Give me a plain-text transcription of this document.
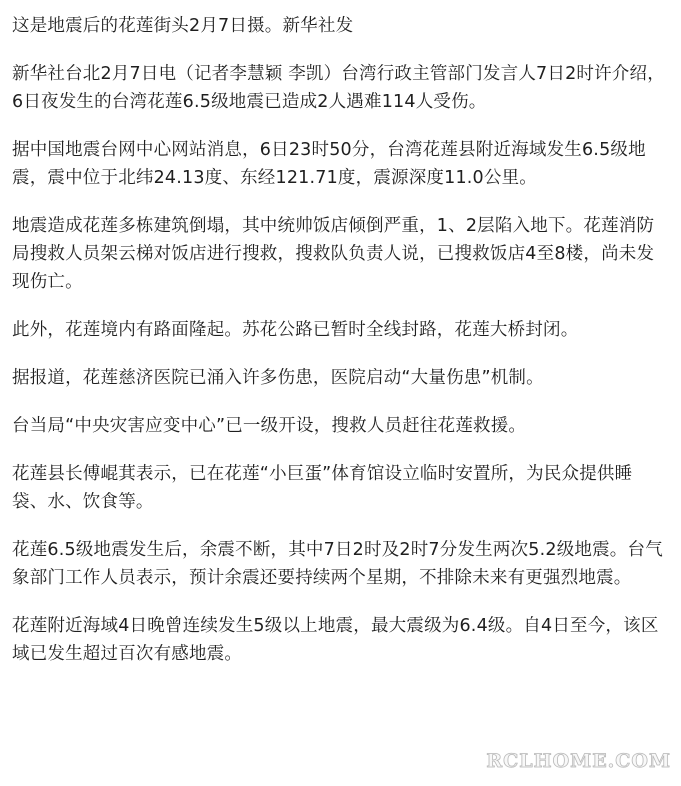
这是地震后的花莲街头2月7日摄。新华社发

新华社台北2月7日电（记者李慧颖 李凯）台湾行政主管部门发言人7日2时许介绍，6日夜发生的台湾花莲6.5级地震已造成2人遇难114人受伤。

据中国地震台网中心网站消息，6日23时50分，台湾花莲县附近海域发生6.5级地震，震中位于北纬24.13度、东经121.71度，震源深度11.0公里。

地震造成花莲多栋建筑倒塌，其中统帅饭店倾倒严重，1、2层陷入地下。花莲消防局搜救人员架云梯对饭店进行搜救，搜救队负责人说，已搜救饭店4至8楼，尚未发现伤亡。

此外，花莲境内有路面隆起。苏花公路已暂时全线封路，花莲大桥封闭。

据报道，花莲慈济医院已涌入许多伤患，医院启动“大量伤患”机制。

台当局“中央灾害应变中心”已一级开设，搜救人员赶往花莲救援。

花莲县长傅崐萁表示，已在花莲“小巨蛋”体育馆设立临时安置所，为民众提供睡袋、水、饮食等。

花莲6.5级地震发生后，余震不断，其中7日2时及2时7分发生两次5.2级地震。台气象部门工作人员表示，预计余震还要持续两个星期，不排除未来有更强烈地震。

花莲附近海域4日晚曾连续发生5级以上地震，最大震级为6.4级。自4日至今，该区域已发生超过百次有感地震。

RCLHOME.COM
